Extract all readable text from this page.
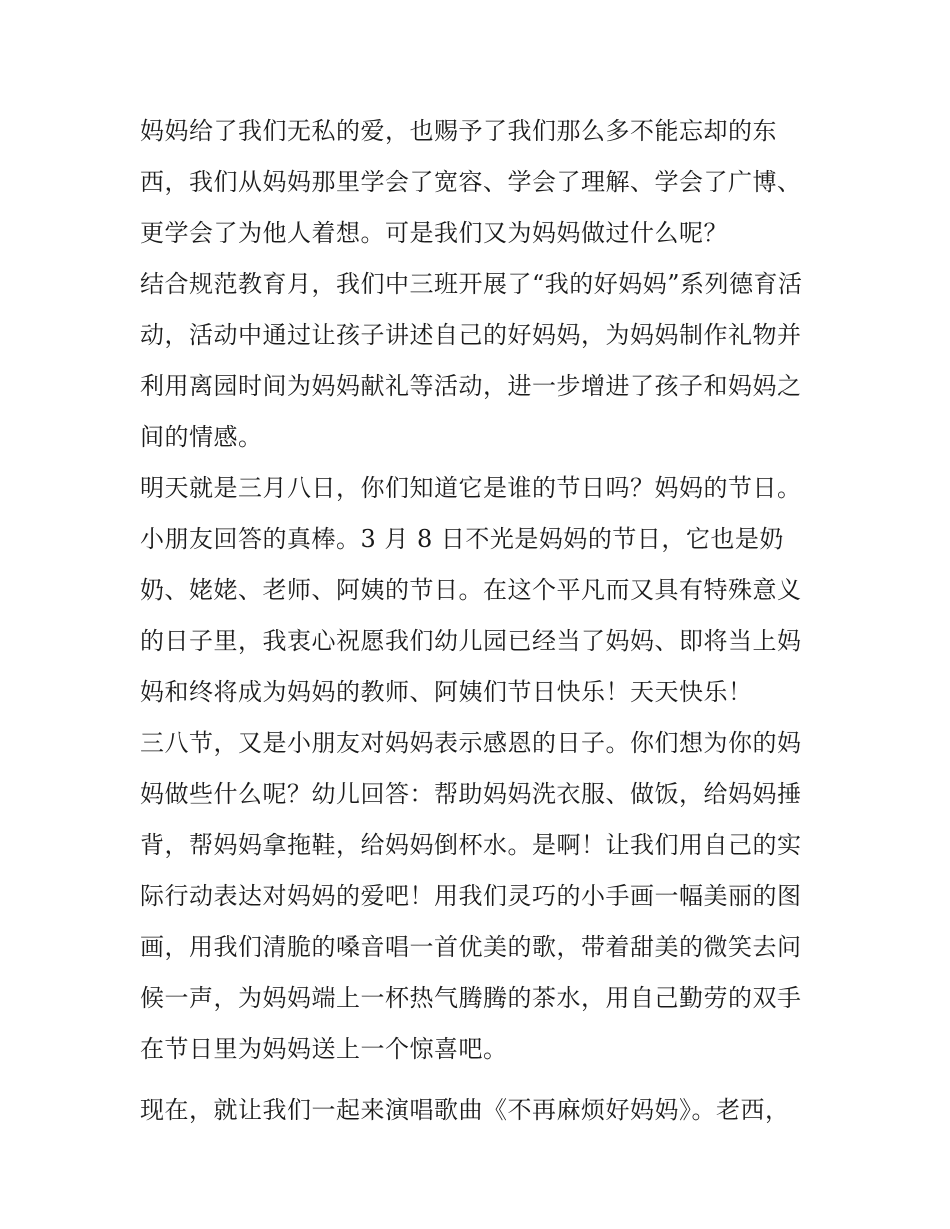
妈妈给了我们无私的爱，也赐予了我们那么多不能忘却的东
西，我们从妈妈那里学会了宽容、学会了理解、学会了广博、
更学会了为他人着想。可是我们又为妈妈做过什么呢？
结合规范教育月，我们中三班开展了“我的好妈妈”系列德育活
动，活动中通过让孩子讲述自己的好妈妈，为妈妈制作礼物并
利用离园时间为妈妈献礼等活动，进一步增进了孩子和妈妈之
间的情感。
明天就是三月八日，你们知道它是谁的节日吗？妈妈的节日。
小朋友回答的真棒。3 月 8 日不光是妈妈的节日，它也是奶
奶、姥姥、老师、阿姨的节日。在这个平凡而又具有特殊意义
的日子里，我衷心祝愿我们幼儿园已经当了妈妈、即将当上妈
妈和终将成为妈妈的教师、阿姨们节日快乐！天天快乐！
三八节，又是小朋友对妈妈表示感恩的日子。你们想为你的妈
妈做些什么呢？幼儿回答：帮助妈妈洗衣服、做饭，给妈妈捶
背，帮妈妈拿拖鞋，给妈妈倒杯水。是啊！让我们用自己的实
际行动表达对妈妈的爱吧！用我们灵巧的小手画一幅美丽的图
画，用我们清脆的嗓音唱一首优美的歌，带着甜美的微笑去问
候一声，为妈妈端上一杯热气腾腾的茶水，用自己勤劳的双手
在节日里为妈妈送上一个惊喜吧。
现在，就让我们一起来演唱歌曲《不再麻烦好妈妈》。老西，
